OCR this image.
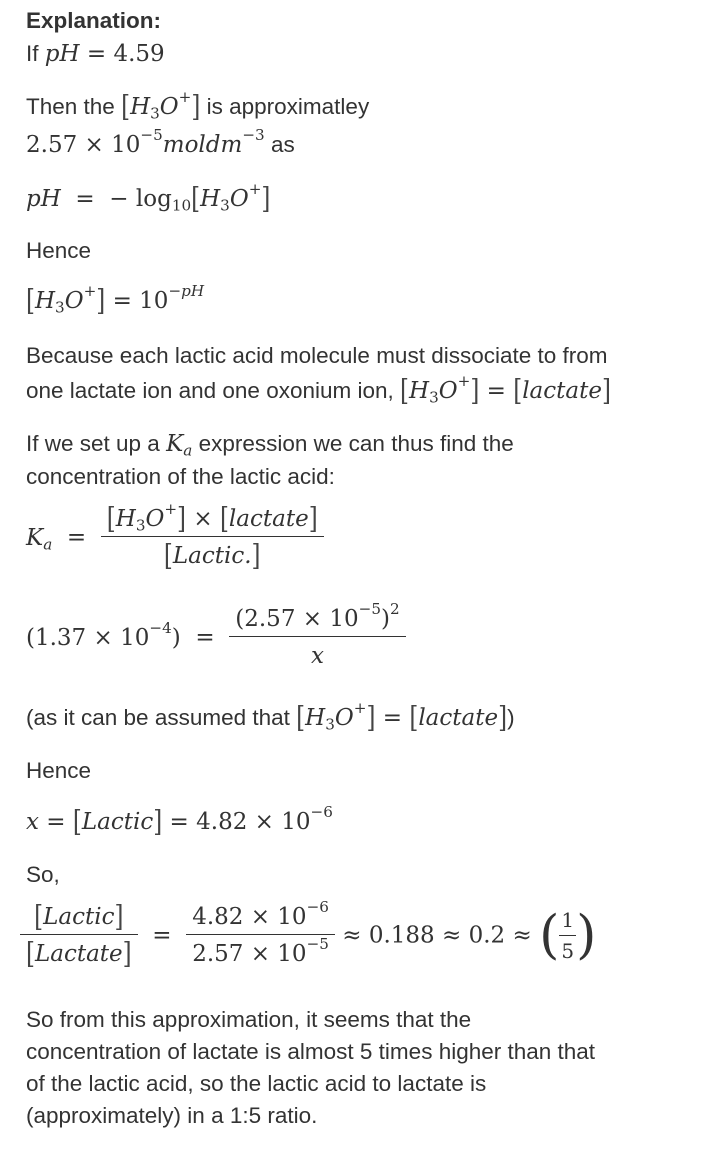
Explanation:
If pH = 4.59
Then the $[H_3O^+]$ is approximatley
$2.57 \times 10^{-5}moldm^{-3}$ as
pH  =  − $\log_{10}[H_3O^+]$
Hence
$[H_3O^+] = 10^{-pH}$
Because each lactic acid molecule must dissociate to from
one lactate ion and one oxonium ion, $[H_3O^+]$ = [lactate]
If we set up a $K_a$ expression we can thus find the
concentration of the lactic acid:
$K_a = \frac{[H_3O^+] \times [lactate]}{\text{[Lactic.]}}$
$(1.37 \times 10^{-4}) = \frac{(2.57 \times 10^{-5})^2}{x}$
(as it can be assumed that $[H_3O^+]$ = [lactate])
Hence
x = [Lactic] = $4.82 \times 10^{-6}$
So,
$\frac{\text{[Lactic]}}{\text{[Lactate]}} = \frac{4.82 \times 10^{-6}}{2.57 \times 10^{-5}} \approx 0.188 \approx 0.2$ ≈ ( $\frac{1}{5}$ )
So from this approximation, it seems that the
concentration of lactate is almost 5 times higher than that
of the lactic acid, so the lactic acid to lactate is
(approximately) in a 1:5 ratio.
